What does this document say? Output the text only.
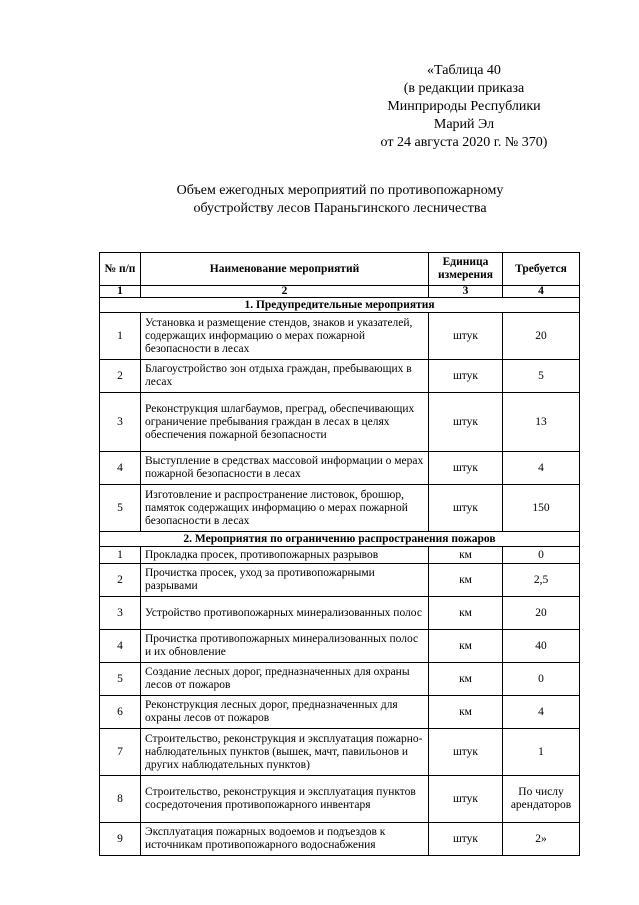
«Таблица 40
(в редакции приказа
Минприроды Республики
Марий Эл
от 24 августа 2020 г. № 370)
Объем ежегодных мероприятий по противопожарному
обустройству лесов Параньгинского лесничества
№ п/п	Наименование мероприятий	Единица измерения	Требуется
1	2	3	4
1. Предупредительные мероприятия			
1	Установка и размещение стендов, знаков и указателей, содержащих информацию о мерах пожарной безопасности в лесах	штук	20
2	Благоустройство зон отдыха граждан, пребывающих в лесах	штук	5
3	Реконструкция шлагбаумов, преград, обеспечивающих ограничение пребывания граждан в лесах в целях обеспечения пожарной безопасности	штук	13
4	Выступление в средствах массовой информации о мерах пожарной безопасности в лесах	штук	4
5	Изготовление и распространение листовок, брошюр, памяток содержащих информацию о мерах пожарной безопасности в лесах	штук	150
2. Мероприятия по ограничению распространения пожаров			
1	Прокладка просек, противопожарных разрывов	км	0
2	Прочистка просек, уход за противопожарными разрывами	км	2,5
3	Устройство противопожарных минерализованных полос	км	20
4	Прочистка противопожарных минерализованных полос и их обновление	км	40
5	Создание лесных дорог, предназначенных для охраны лесов от пожаров	км	0
6	Реконструкция лесных дорог, предназначенных для охраны лесов от пожаров	км	4
7	Строительство, реконструкция и эксплуатация пожарно-наблюдательных пунктов (вышек, мачт, павильонов и других наблюдательных пунктов)	штук	1
8	Строительство, реконструкция и эксплуатация пунктов сосредоточения противопожарного инвентаря	штук	По числу арендаторов
9	Эксплуатация пожарных водоемов и подъездов к источникам противопожарного водоснабжения	штук	2»
